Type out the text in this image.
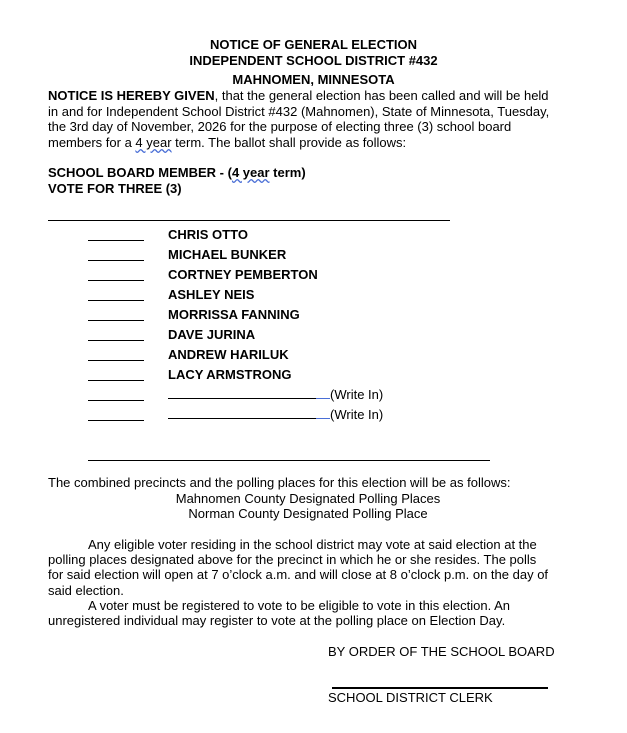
NOTICE OF GENERAL ELECTION
INDEPENDENT SCHOOL DISTRICT #432
MAHNOMEN, MINNESOTA
NOTICE IS HEREBY GIVEN, that the general election has been called and will be held
in and for Independent School District #432 (Mahnomen), State of Minnesota, Tuesday,
the 3rd day of November, 2026 for the purpose of electing three (3) school board
members for a 4 year term. The ballot shall provide as follows:
SCHOOL BOARD MEMBER - (4 year term)
VOTE FOR THREE (3)
CHRIS OTTO
MICHAEL BUNKER
CORTNEY PEMBERTON
ASHLEY NEIS
MORRISSA FANNING
DAVE JURINA
ANDREW HARILUK
LACY ARMSTRONG
(Write In)
(Write In)
The combined precincts and the polling places for this election will be as follows:
Mahnomen County Designated Polling Places
Norman County Designated Polling Place
Any eligible voter residing in the school district may vote at said election at the
polling places designated above for the precinct in which he or she resides. The polls
for said election will open at 7 o’clock a.m. and will close at 8 o’clock p.m. on the day of
said election.
A voter must be registered to vote to be eligible to vote in this election. An
unregistered individual may register to vote at the polling place on Election Day.
BY ORDER OF THE SCHOOL BOARD
SCHOOL DISTRICT CLERK
